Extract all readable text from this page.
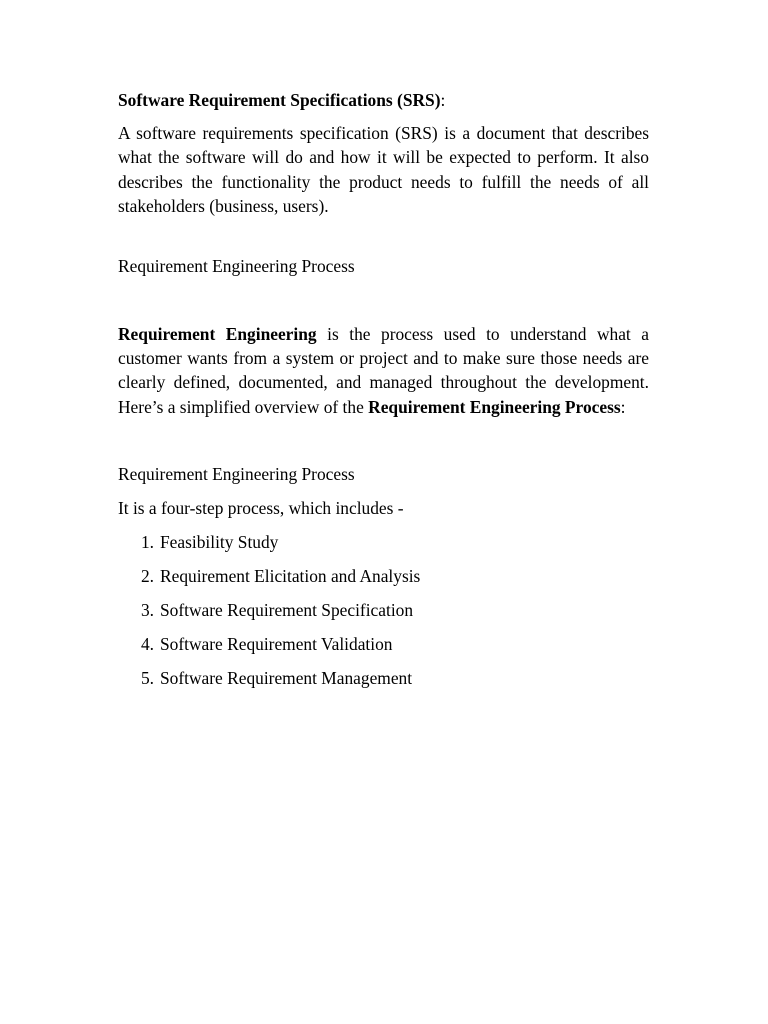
Software Requirement Specifications (SRS):

A software requirements specification (SRS) is a document that describes what the software will do and how it will be expected to perform. It also describes the functionality the product needs to fulfill the needs of all stakeholders (business, users).

Requirement Engineering Process

Requirement Engineering is the process used to understand what a customer wants from a system or project and to make sure those needs are clearly defined, documented, and managed throughout the development. Here’s a simplified overview of the Requirement Engineering Process:

Requirement Engineering Process

It is a four-step process, which includes -

1. Feasibility Study
2. Requirement Elicitation and Analysis
3. Software Requirement Specification
4. Software Requirement Validation
5. Software Requirement Management
